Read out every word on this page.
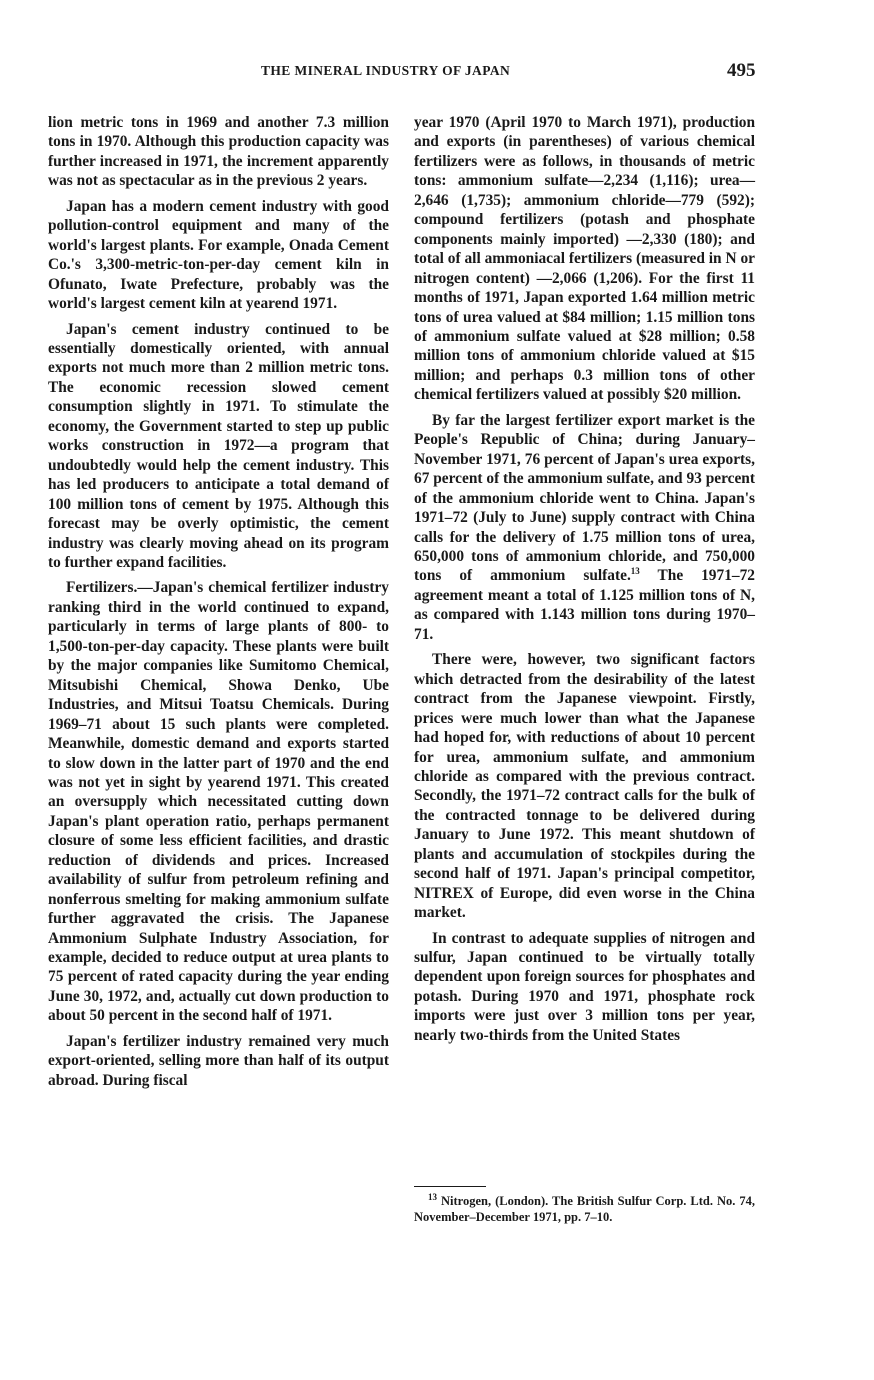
THE MINERAL INDUSTRY OF JAPAN	495

lion metric tons in 1969 and another 7.3 million tons in 1970. Although this production capacity was further increased in 1971, the increment apparently was not as spectacular as in the previous 2 years.

Japan has a modern cement industry with good pollution-control equipment and many of the world's largest plants. For example, Onada Cement Co.'s 3,300-metric-ton-per-day cement kiln in Ofunato, Iwate Prefecture, probably was the world's largest cement kiln at yearend 1971.

Japan's cement industry continued to be essentially domestically oriented, with annual exports not much more than 2 million metric tons. The economic recession slowed cement consumption slightly in 1971. To stimulate the economy, the Government started to step up public works construction in 1972—a program that undoubtedly would help the cement industry. This has led producers to anticipate a total demand of 100 million tons of cement by 1975. Although this forecast may be overly optimistic, the cement industry was clearly moving ahead on its program to further expand facilities.

Fertilizers.—Japan's chemical fertilizer industry ranking third in the world continued to expand, particularly in terms of large plants of 800- to 1,500-ton-per-day capacity. These plants were built by the major companies like Sumitomo Chemical, Mitsubishi Chemical, Showa Denko, Ube Industries, and Mitsui Toatsu Chemicals. During 1969–71 about 15 such plants were completed. Meanwhile, domestic demand and exports started to slow down in the latter part of 1970 and the end was not yet in sight by yearend 1971. This created an oversupply which necessitated cutting down Japan's plant operation ratio, perhaps permanent closure of some less efficient facilities, and drastic reduction of dividends and prices. Increased availability of sulfur from petroleum refining and nonferrous smelting for making ammonium sulfate further aggravated the crisis. The Japanese Ammonium Sulphate Industry Association, for example, decided to reduce output at urea plants to 75 percent of rated capacity during the year ending June 30, 1972, and, actually cut down production to about 50 percent in the second half of 1971.

Japan's fertilizer industry remained very much export-oriented, selling more than half of its output abroad. During fiscal

year 1970 (April 1970 to March 1971), production and exports (in parentheses) of various chemical fertilizers were as follows, in thousands of metric tons: ammonium sulfate—2,234 (1,116); urea—2,646 (1,735); ammonium chloride—779 (592); compound fertilizers (potash and phosphate components mainly imported) —2,330 (180); and total of all ammoniacal fertilizers (measured in N or nitrogen content) —2,066 (1,206). For the first 11 months of 1971, Japan exported 1.64 million metric tons of urea valued at $84 million; 1.15 million tons of ammonium sulfate valued at $28 million; 0.58 million tons of ammonium chloride valued at $15 million; and perhaps 0.3 million tons of other chemical fertilizers valued at possibly $20 million.

By far the largest fertilizer export market is the People's Republic of China; during January–November 1971, 76 percent of Japan's urea exports, 67 percent of the ammonium sulfate, and 93 percent of the ammonium chloride went to China. Japan's 1971–72 (July to June) supply contract with China calls for the delivery of 1.75 million tons of urea, 650,000 tons of ammonium chloride, and 750,000 tons of ammonium sulfate.$^{13}$ The 1971–72 agreement meant a total of 1.125 million tons of N, as compared with 1.143 million tons during 1970–71.

There were, however, two significant factors which detracted from the desirability of the latest contract from the Japanese viewpoint. Firstly, prices were much lower than what the Japanese had hoped for, with reductions of about 10 percent for urea, ammonium sulfate, and ammonium chloride as compared with the previous contract. Secondly, the 1971–72 contract calls for the bulk of the contracted tonnage to be delivered during January to June 1972. This meant shutdown of plants and accumulation of stockpiles during the second half of 1971. Japan's principal competitor, NITREX of Europe, did even worse in the China market.

In contrast to adequate supplies of nitrogen and sulfur, Japan continued to be virtually totally dependent upon foreign sources for phosphates and potash. During 1970 and 1971, phosphate rock imports were just over 3 million tons per year, nearly two-thirds from the United States

$^{13}$ Nitrogen, (London). The British Sulfur Corp. Ltd. No. 74, November–December 1971, pp. 7–10.
